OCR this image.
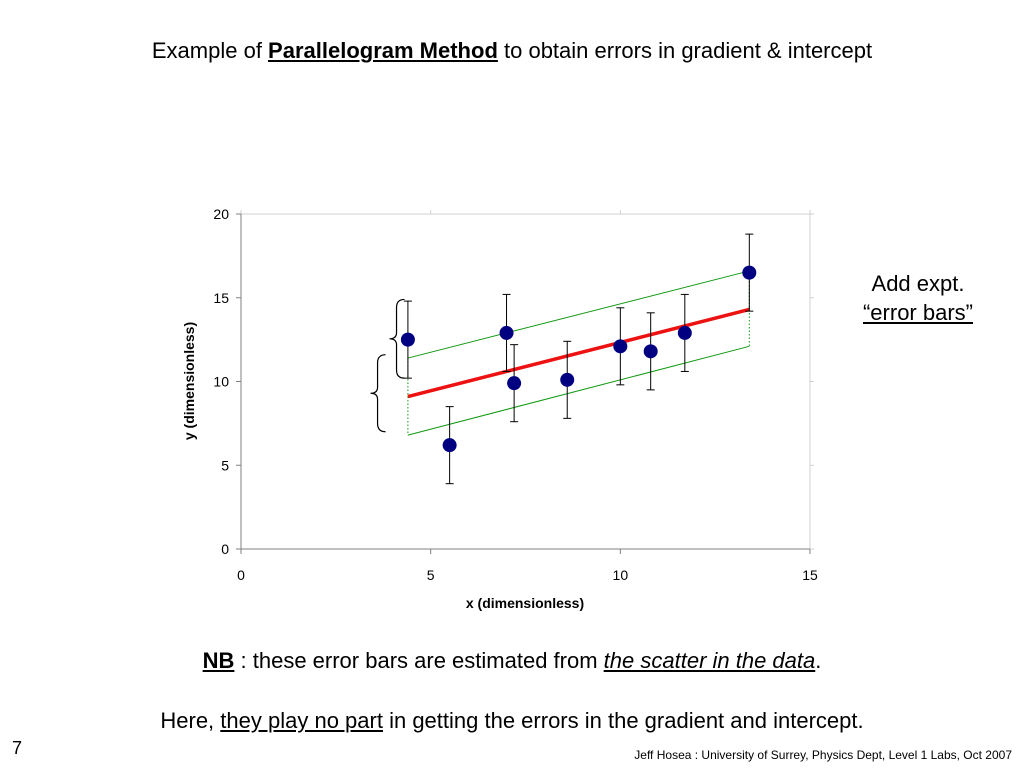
Example of Parallelogram Method to obtain errors in gradient & intercept
0	5	10	15
0
5
10
15
20
x (dimensionless)
y (dimensionless)
Add expt.
“error bars”
NB : these error bars are estimated from the scatter in the data.
Here, they play no part in getting the errors in the gradient and intercept.
7	Jeff Hosea : University of Surrey, Physics Dept, Level 1 Labs, Oct 2007
